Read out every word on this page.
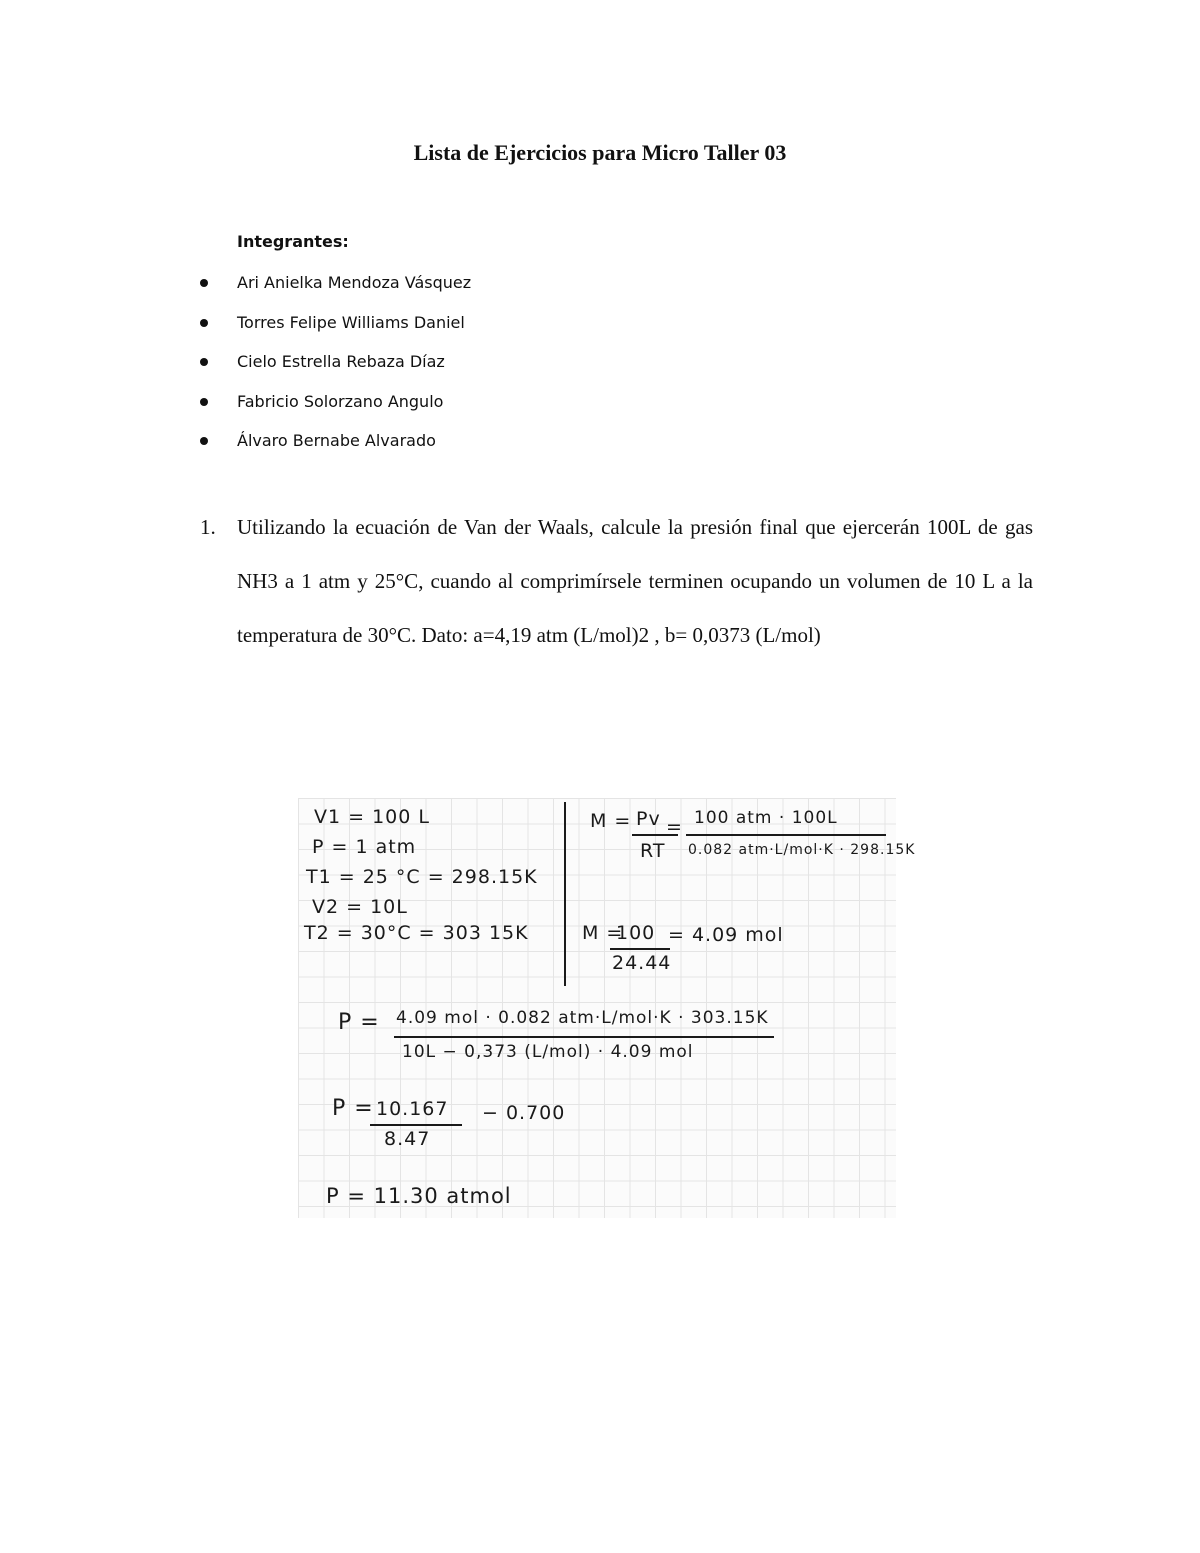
Lista de Ejercicios para Micro Taller 03
Integrantes:
Ari Anielka Mendoza Vásquez
Torres Felipe Williams Daniel
Cielo Estrella Rebaza Díaz
Fabricio Solorzano Angulo
Álvaro Bernabe Alvarado
1. Utilizando la ecuación de Van der Waals, calcule la presión final que ejercerán 100L de gas NH3 a 1 atm y 25°C, cuando al comprimírsele terminen ocupando un volumen de 10 L a la temperatura de 30°C. Dato: a=4,19 atm (L/mol)2 , b= 0,0373 (L/mol)
V1 = 100 L
P = 1 atm
T1 = 25 °C = 298.15K
V2 = 10L
T2 = 30°C = 303 15K
M = Pv
RT
= 100 atm · 100L
0.082 atm·L/mol·K · 298.15K
M =
100
24.44
= 4.09 mol
P = 4.09 mol · 0.082 atm·L/mol·K · 303.15K
10L − 0,373 (L/mol) · 4.09 mol
P = 10.167
8.47
− 0.700
P = 11.30 atmol
